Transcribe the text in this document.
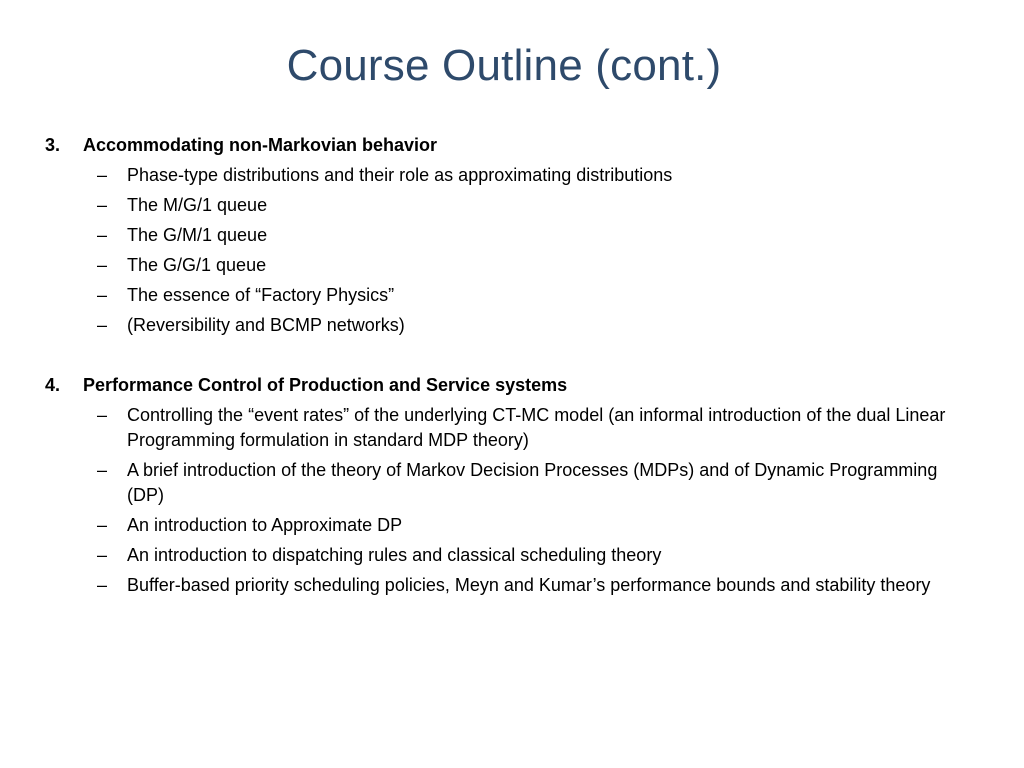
Course Outline (cont.)
3.	Accommodating non-Markovian behavior
–	Phase-type distributions and their role as approximating distributions
–	The M/G/1 queue
–	The G/M/1 queue
–	The G/G/1 queue
–	The essence of “Factory Physics”
–	(Reversibility and BCMP networks)
4.	Performance Control of Production and Service systems
–	Controlling the “event rates” of the underlying CT-MC model (an informal introduction of the dual Linear Programming formulation in standard MDP theory)
–	A brief introduction of the theory of Markov Decision Processes (MDPs) and of Dynamic Programming (DP)
–	An introduction to Approximate DP
–	An introduction to dispatching rules and classical scheduling theory
–	Buffer-based priority scheduling policies, Meyn and Kumar’s performance bounds and stability theory
